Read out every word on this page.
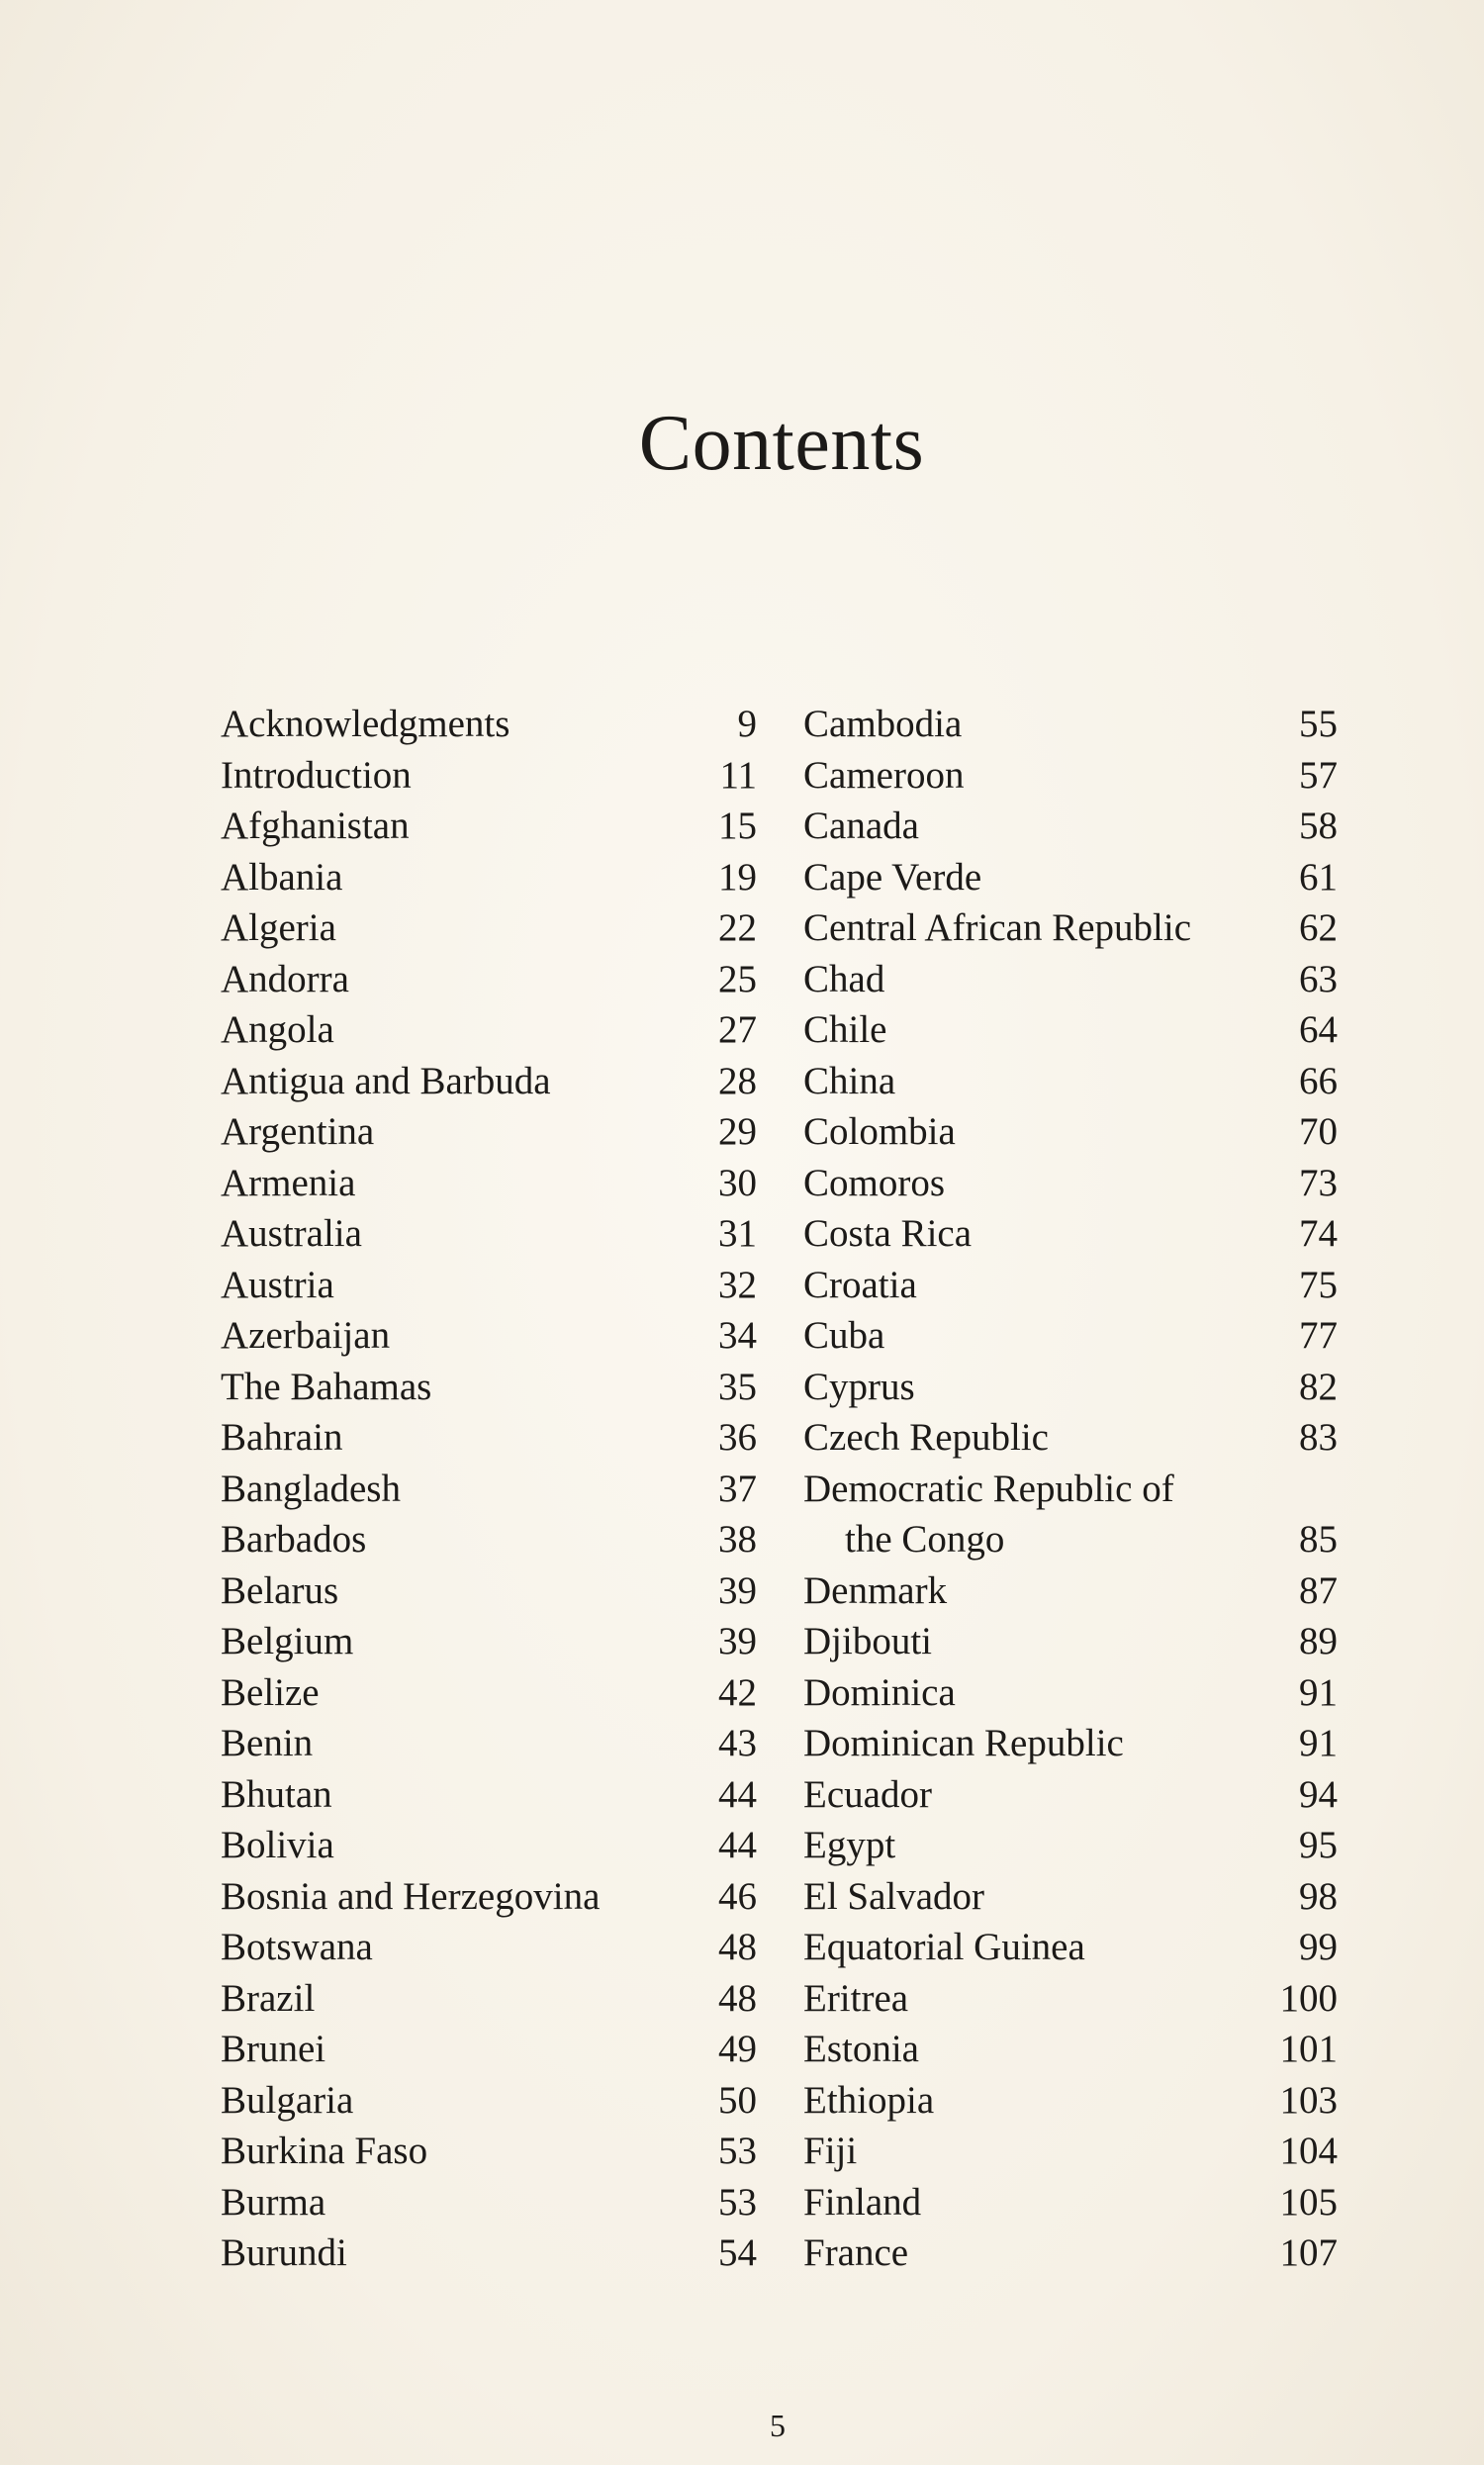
Contents
Acknowledgments	9
Introduction	11
Afghanistan	15
Albania	19
Algeria	22
Andorra	25
Angola	27
Antigua and Barbuda	28
Argentina	29
Armenia	30
Australia	31
Austria	32
Azerbaijan	34
The Bahamas	35
Bahrain	36
Bangladesh	37
Barbados	38
Belarus	39
Belgium	39
Belize	42
Benin	43
Bhutan	44
Bolivia	44
Bosnia and Herzegovina	46
Botswana	48
Brazil	48
Brunei	49
Bulgaria	50
Burkina Faso	53
Burma	53
Burundi	54
Cambodia	55
Cameroon	57
Canada	58
Cape Verde	61
Central African Republic	62
Chad	63
Chile	64
China	66
Colombia	70
Comoros	73
Costa Rica	74
Croatia	75
Cuba	77
Cyprus	82
Czech Republic	83
Democratic Republic of
the Congo	85
Denmark	87
Djibouti	89
Dominica	91
Dominican Republic	91
Ecuador	94
Egypt	95
El Salvador	98
Equatorial Guinea	99
Eritrea	100
Estonia	101
Ethiopia	103
Fiji	104
Finland	105
France	107
5
